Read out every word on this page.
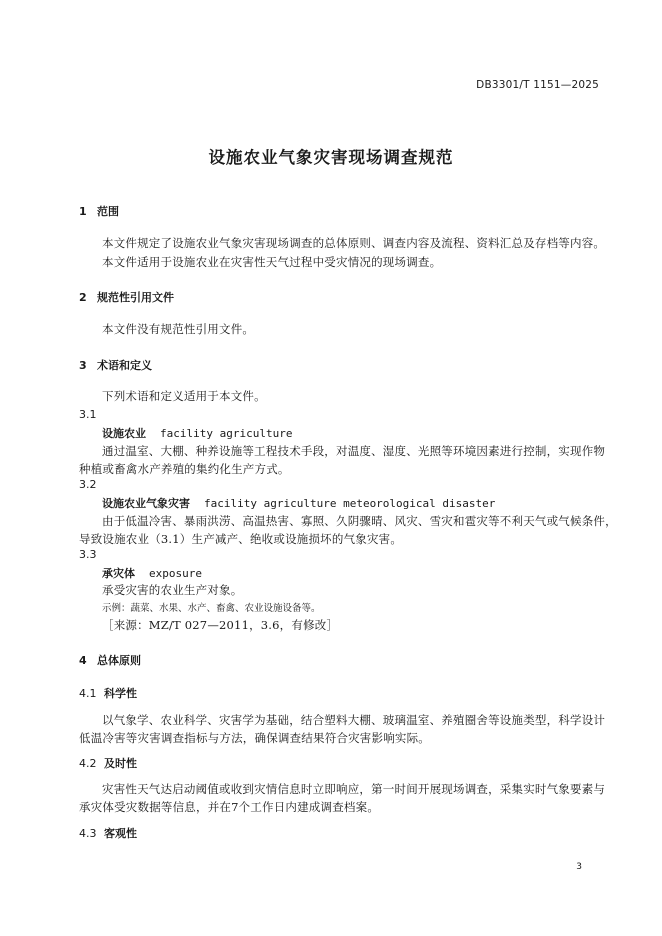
DB3301/T 1151—2025
设施农业气象灾害现场调查规范
1 范围
本文件规定了设施农业气象灾害现场调查的总体原则、调查内容及流程、资料汇总及存档等内容。
本文件适用于设施农业在灾害性天气过程中受灾情况的现场调查。
2 规范性引用文件
本文件没有规范性引用文件。
3 术语和定义
下列术语和定义适用于本文件。
3.1
设施农业 facility agriculture
通过温室、大棚、种养设施等工程技术手段，对温度、湿度、光照等环境因素进行控制，实现作物
种植或畜禽水产养殖的集约化生产方式。
3.2
设施农业气象灾害 facility agriculture meteorological disaster
由于低温冷害、暴雨洪涝、高温热害、寡照、久阴骤晴、风灾、雪灾和雹灾等不利天气或气候条件，
导致设施农业（3.1）生产减产、绝收或设施损坏的气象灾害。
3.3
承灾体 exposure
承受灾害的农业生产对象。
示例：蔬菜、水果、水产、畜禽、农业设施设备等。
［来源：MZ/T 027—2011，3.6，有修改］
4 总体原则
4.1 科学性
以气象学、农业科学、灾害学为基础，结合塑料大棚、玻璃温室、养殖圈舍等设施类型，科学设计
低温冷害等灾害调查指标与方法，确保调查结果符合灾害影响实际。
4.2 及时性
灾害性天气达启动阈值或收到灾情信息时立即响应，第一时间开展现场调查，采集实时气象要素与
承灾体受灾数据等信息，并在7个工作日内建成调查档案。
4.3 客观性
3
